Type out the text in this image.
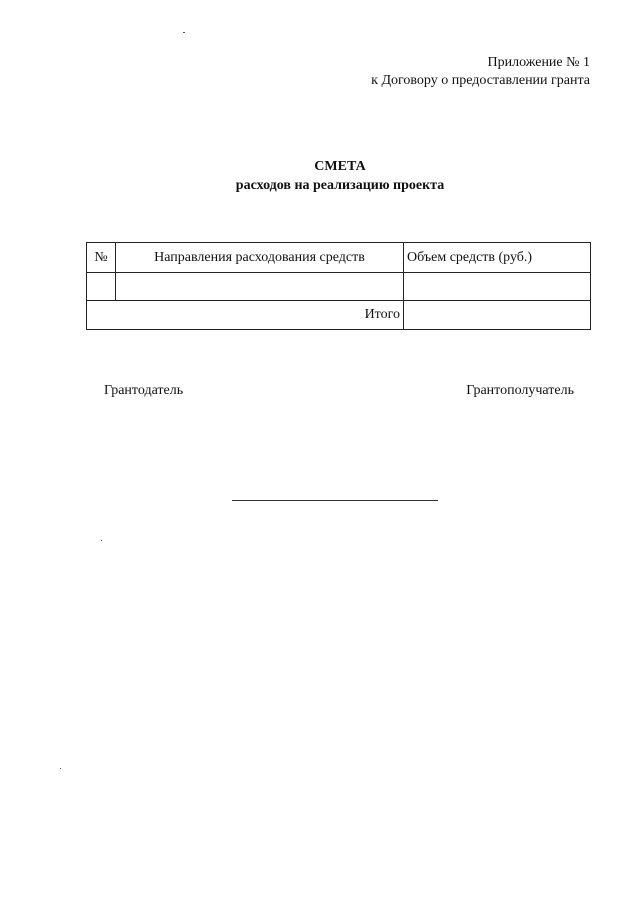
Приложение № 1
к Договору о предоставлении гранта
СМЕТА
расходов на реализацию проекта
№	Направления расходования средств	Объем средств (руб.)

Итого		
Грантодатель	Грантополучатель
